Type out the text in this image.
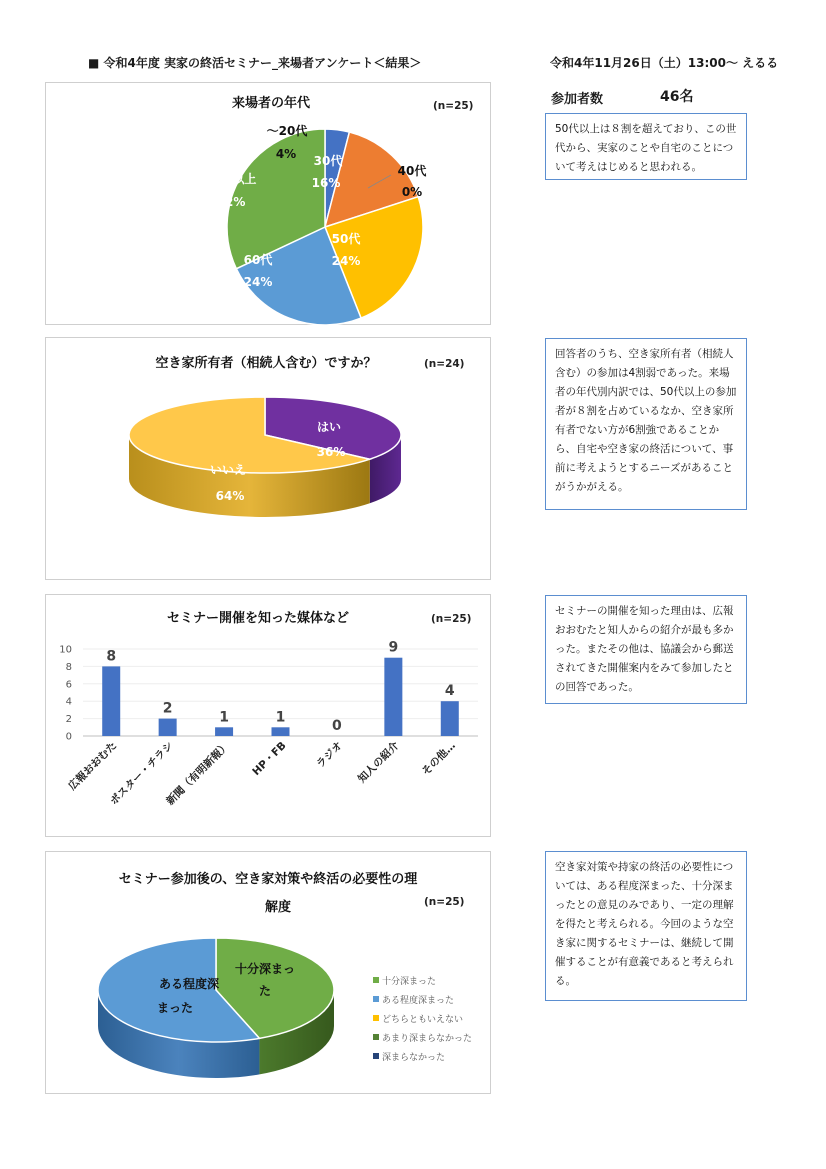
■ 令和4年度 実家の終活セミナー_来場者アンケート＜結果＞	令和4年11月26日（土）13:00〜 えるる
参加者数	46名
来場者の年代	(n=25)
～20代
4% 30代
16%
40代
0%
50代
24%
60代
24%
70代以上
32%
空き家所有者（相続人含む）ですか？	(n=24)
はい
36%
いいえ
64%
セミナー開催を知った媒体など	(n=25)
0
2
4
6
8
10 8
広報おおむた
2
ポスター・チラシ
1
新聞（有明新報）
1
HP・FB
0
ラジオ
9
知人の紹介
4
その他…
セミナー参加後の、空き家対策や終活の必要性の理
解度	(n=25)
十分深まっ
た
ある程度深
まった
十分深まった
ある程度深まった
どちらともいえない
あまり深まらなかった
深まらなかった
50代以上は８割を超えており、この世代から、実家のことや自宅のことについて考えはじめると思われる。
回答者のうち、空き家所有者（相続人含む）の参加は4割弱であった。来場者の年代別内訳では、50代以上の参加者が８割を占めているなか、空き家所有者でない方が6割強であることから、自宅や空き家の終活について、事前に考えようとするニーズがあることがうかがえる。
セミナーの開催を知った理由は、広報おおむたと知人からの紹介が最も多かった。またその他は、協議会から郵送されてきた開催案内をみて参加したとの回答であった。
空き家対策や持家の終活の必要性については、ある程度深まった、十分深まったとの意見のみであり、一定の理解を得たと考えられる。今回のような空き家に関するセミナーは、継続して開催することが有意義であると考えられる。
